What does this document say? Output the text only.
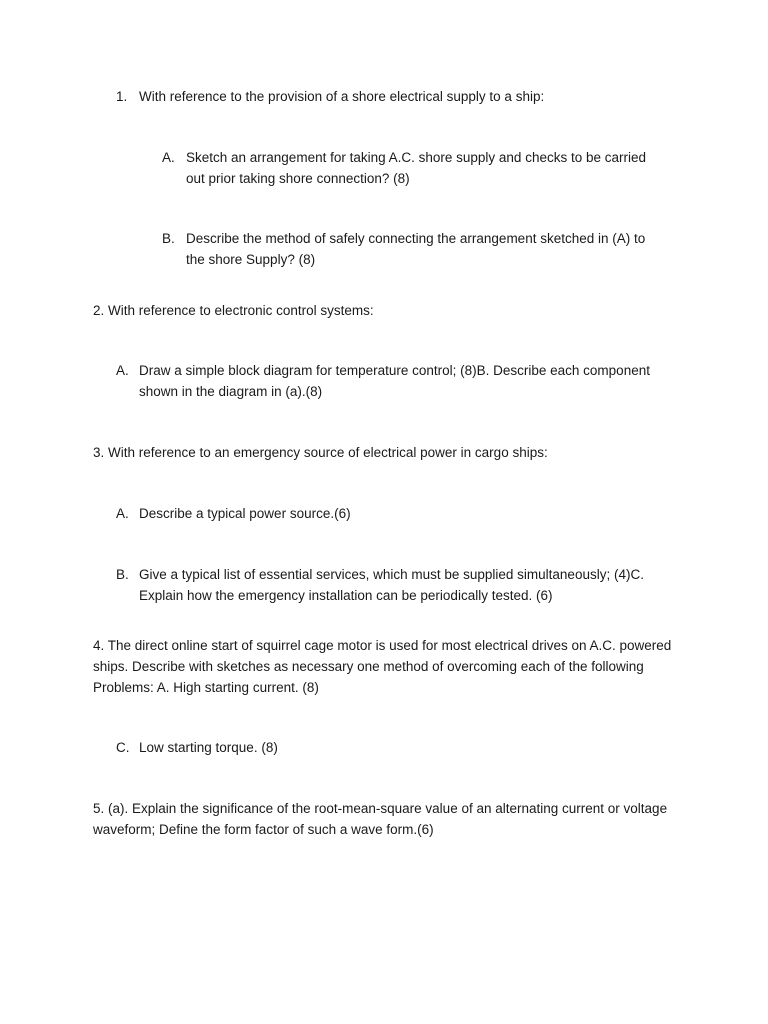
1. With reference to the provision of a shore electrical supply to a ship:
A. Sketch an arrangement for taking A.C. shore supply and checks to be carried out prior taking shore connection? (8)
B. Describe the method of safely connecting the arrangement sketched in (A) to the shore Supply? (8)
2. With reference to electronic control systems:
A. Draw a simple block diagram for temperature control; (8)B. Describe each component shown in the diagram in (a).(8)
3. With reference to an emergency source of electrical power in cargo ships:
A. Describe a typical power source.(6)
B. Give a typical list of essential services, which must be supplied simultaneously; (4)C. Explain how the emergency installation can be periodically tested. (6)
4. The direct online start of squirrel cage motor is used for most electrical drives on A.C. powered ships. Describe with sketches as necessary one method of overcoming each of the following Problems: A. High starting current. (8)
C. Low starting torque. (8)
5. (a). Explain the significance of the root-mean-square value of an alternating current or voltage waveform; Define the form factor of such a wave form.(6)
